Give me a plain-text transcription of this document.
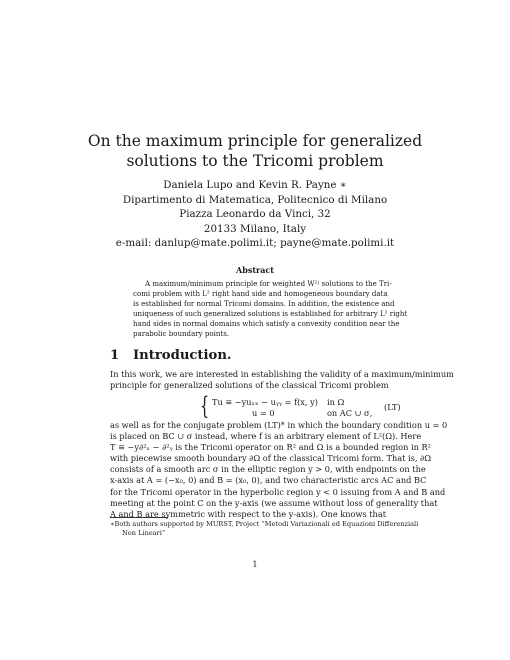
On the maximum principle for generalized
solutions to the Tricomi problem
Daniela Lupo and Kevin R. Payne ∗
Dipartimento di Matematica, Politecnico di Milano
Piazza Leonardo da Vinci, 32
20133 Milano, Italy
e-mail: danlup@mate.polimi.it; payne@mate.polimi.it
Abstract
A maximum/minimum principle for weighted W¹ʲ solutions to the Tri-
comi problem with L² right hand side and homogeneous boundary data
is established for normal Tricomi domains. In addition, the existence and
uniqueness of such generalized solutions is established for arbitrary L² right
hand sides in normal domains which satisfy a convexity condition near the
parabolic boundary points.
1 Introduction.
In this work, we are interested in establishing the validity of a maximum/minimum
principle for generalized solutions of the classical Tricomi problem
{ Tu ≡ −yuₓₓ − uᵧᵧ = f(x, y)
u = 0
in Ω
on AC ∪ σ,
(LT)
as well as for the conjugate problem (LT)* in which the boundary condition u = 0
is placed on BC ∪ σ instead, where f is an arbitrary element of L²(Ω). Here
T ≡ −y∂²ₓ − ∂²ᵧ is the Tricomi operator on R² and Ω is a bounded region in R²
with piecewise smooth boundary ∂Ω of the classical Tricomi form. That is, ∂Ω
consists of a smooth arc σ in the elliptic region y > 0, with endpoints on the
x-axis at A = (−x₀, 0) and B = (x₀, 0), and two characteristic arcs AC and BC
for the Tricomi operator in the hyperbolic region y < 0 issuing from A and B and
meeting at the point C on the y-axis (we assume without loss of generality that
A and B are symmetric with respect to the y-axis). One knows that
∗Both authors supported by MURST, Project “Metodi Variazionali ed Equazioni Differenziali
Non Lineari”
1
